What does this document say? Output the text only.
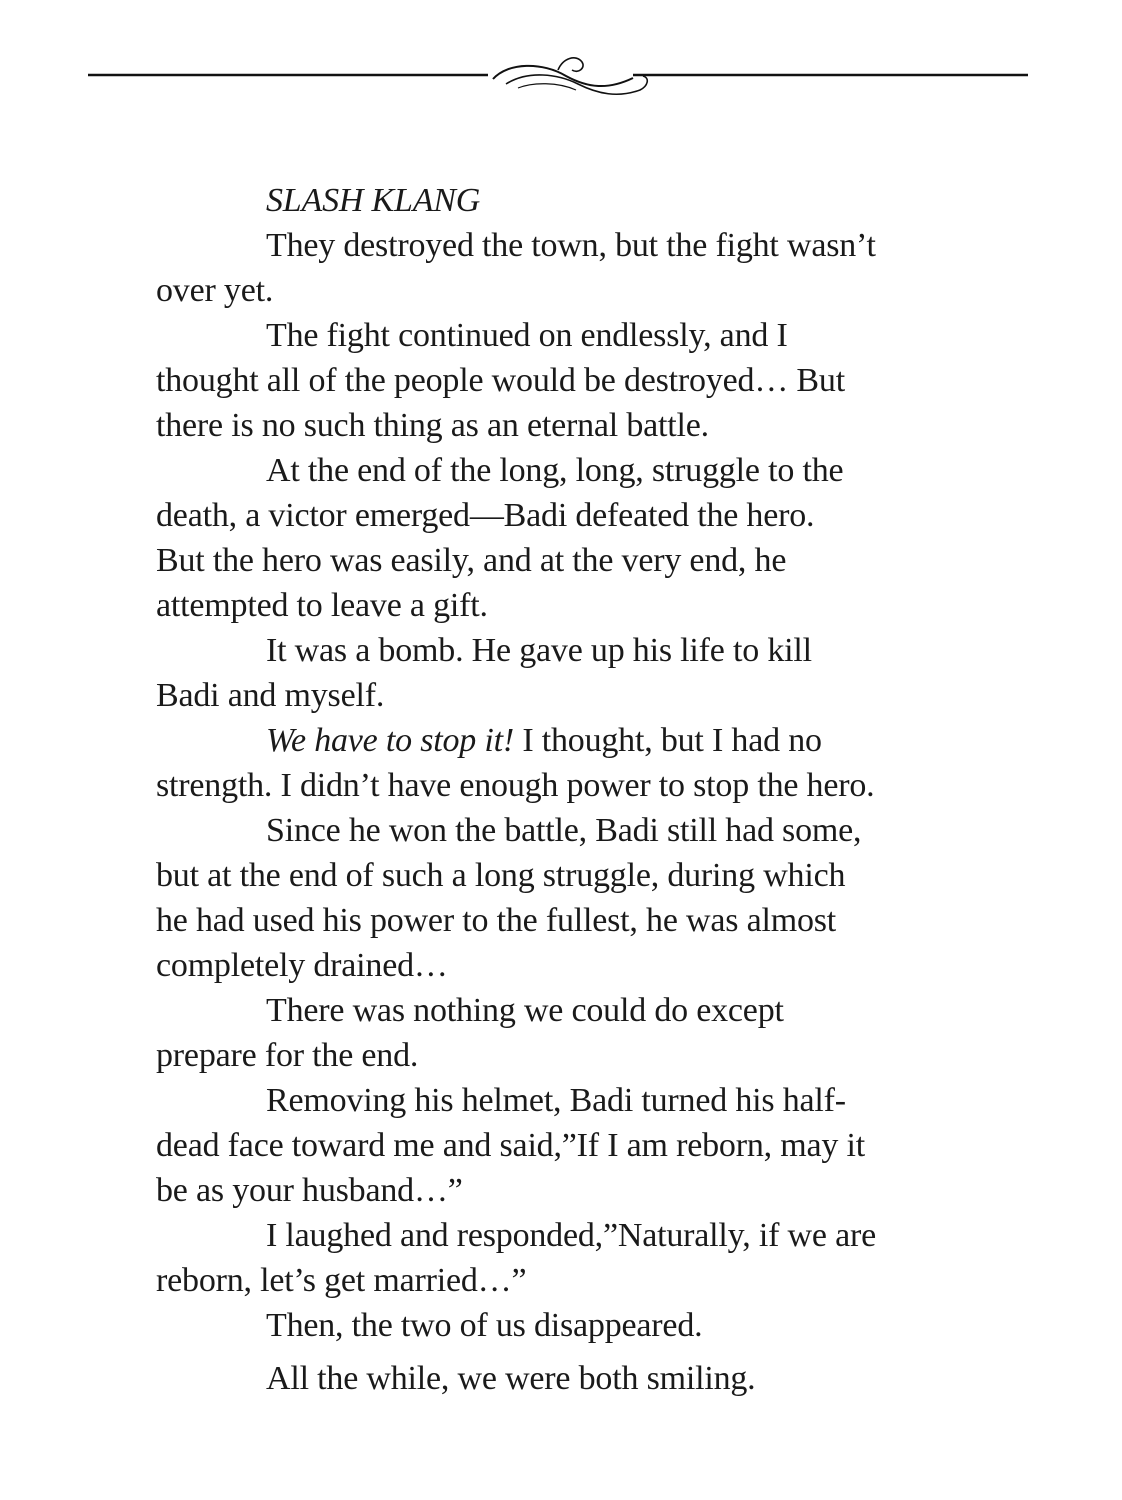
SLASH KLANG

They destroyed the town, but the fight wasn’t
over yet.

The fight continued on endlessly, and I
thought all of the people would be destroyed… But
there is no such thing as an eternal battle.

At the end of the long, long, struggle to the
death, a victor emerged—Badi defeated the hero.
But the hero was easily, and at the very end, he
attempted to leave a gift.

It was a bomb. He gave up his life to kill
Badi and myself.

We have to stop it! I thought, but I had no
strength. I didn’t have enough power to stop the hero.

Since he won the battle, Badi still had some,
but at the end of such a long struggle, during which
he had used his power to the fullest, he was almost
completely drained…

There was nothing we could do except
prepare for the end.

Removing his helmet, Badi turned his half-
dead face toward me and said,”If I am reborn, may it
be as your husband…”

I laughed and responded,”Naturally, if we are
reborn, let’s get married…”

Then, the two of us disappeared.

All the while, we were both smiling.
